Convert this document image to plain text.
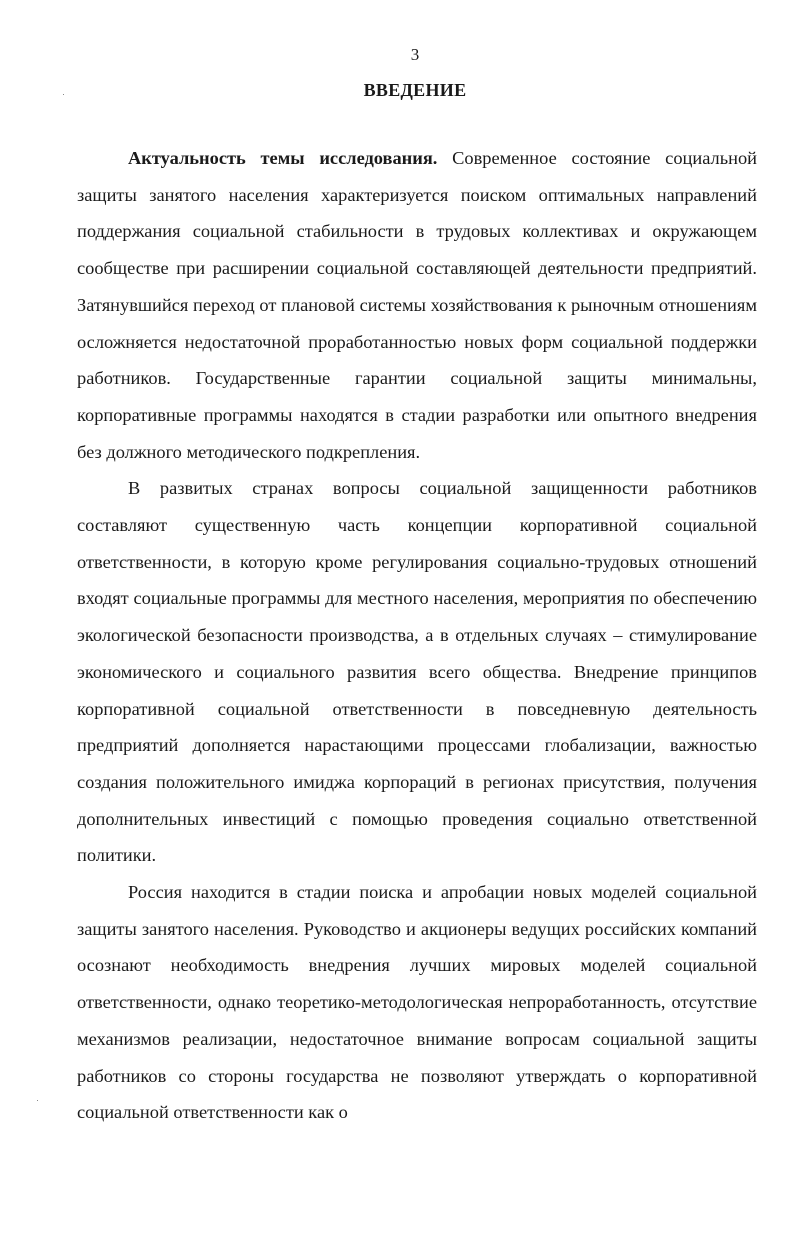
3
ВВЕДЕНИЕ

Актуальность темы исследования. Современное состояние социальной защиты занятого населения характеризуется поиском оптимальных направлений поддержания социальной стабильности в трудовых коллективах и окружающем сообществе при расширении социальной составляющей деятельности предприятий. Затянувшийся переход от плановой системы хозяйствования к рыночным отношениям осложняется недостаточной проработанностью новых форм социальной поддержки работников. Государственные гарантии социальной защиты минимальны, корпоративные программы находятся в стадии разработки или опытного внедрения без должного методического подкрепления.

В развитых странах вопросы социальной защищенности работников составляют существенную часть концепции корпоративной социальной ответственности, в которую кроме регулирования социально-трудовых отношений входят социальные программы для местного населения, мероприятия по обеспечению экологической безопасности производства, а в отдельных случаях – стимулирование экономического и социального развития всего общества. Внедрение принципов корпоративной социальной ответственности в повседневную деятельность предприятий дополняется нарастающими процессами глобализации, важностью создания положительного имиджа корпораций в регионах присутствия, получения дополнительных инвестиций с помощью проведения социально ответственной политики.

Россия находится в стадии поиска и апробации новых моделей социальной защиты занятого населения. Руководство и акционеры ведущих российских компаний осознают необходимость внедрения лучших мировых моделей социальной ответственности, однако теоретико-методологическая непроработанность, отсутствие механизмов реализации, недостаточное внимание вопросам социальной защиты работников со стороны государства не позволяют утверждать о корпоративной социальной ответственности как о
